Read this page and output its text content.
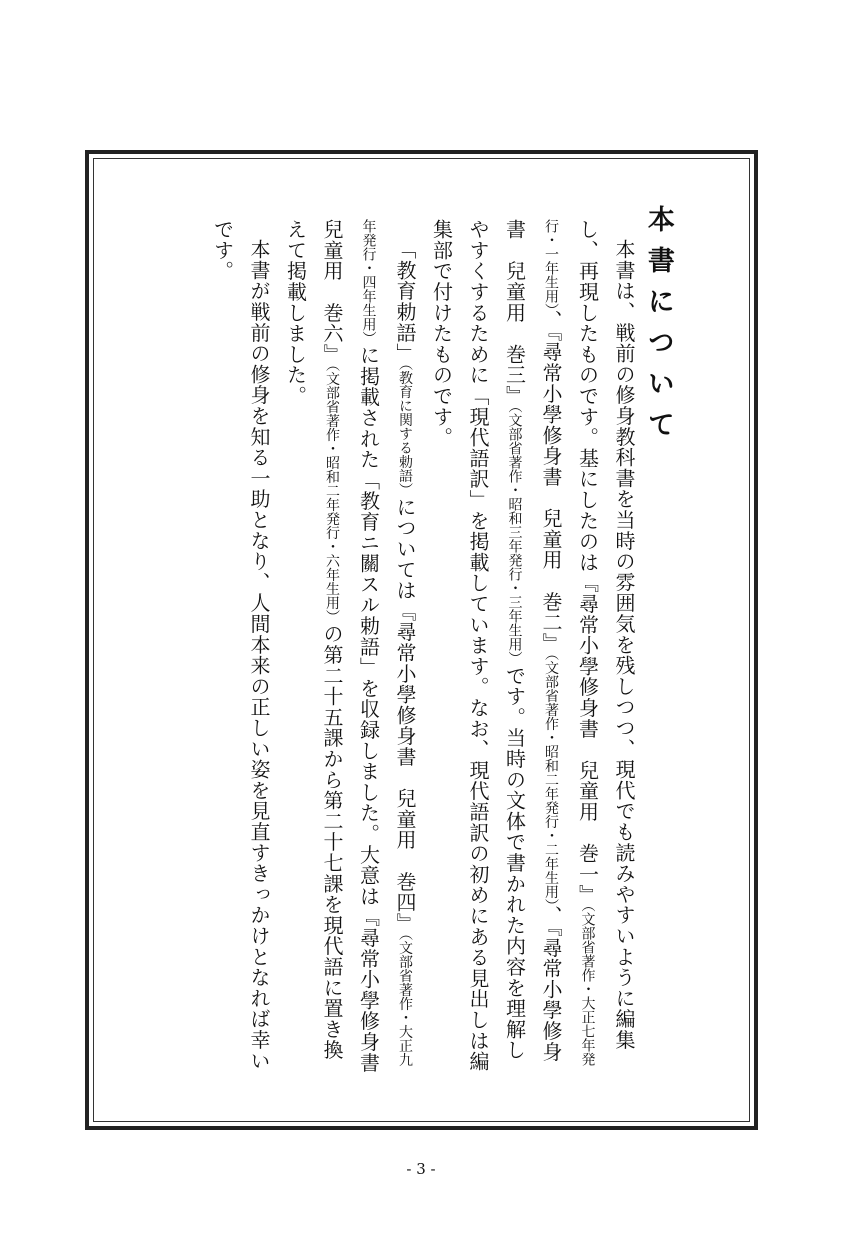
本書について

本書は、戦前の修身教科書を当時の雰囲気を残しつつ、現代でも読みやすいように編集し、再現したものです。基にしたのは『尋常小學修身書　兒童用　巻一』（文部省著作・大正七年発行・一年生用）、『尋常小學修身書　兒童用　巻二』（文部省著作・昭和二年発行・二年生用）、『尋常小學修身書　兒童用　巻三』（文部省著作・昭和三年発行・三年生用）です。当時の文体で書かれた内容を理解しやすくするために「現代語訳」を掲載しています。なお、現代語訳の初めにある見出しは編集部で付けたものです。

「教育勅語」（教育に関する勅語）については『尋常小學修身書　兒童用　巻四』（文部省著作・大正九年発行・四年生用）に掲載された「教育ニ關スル勅語」を収録しました。大意は『尋常小學修身書　兒童用　巻六』（文部省著作・昭和二年発行・六年生用）の第二十五課から第二十七課を現代語に置き換えて掲載しました。

本書が戦前の修身を知る一助となり、人間本来の正しい姿を見直すきっかけとなれば幸いです。

- 3 -
